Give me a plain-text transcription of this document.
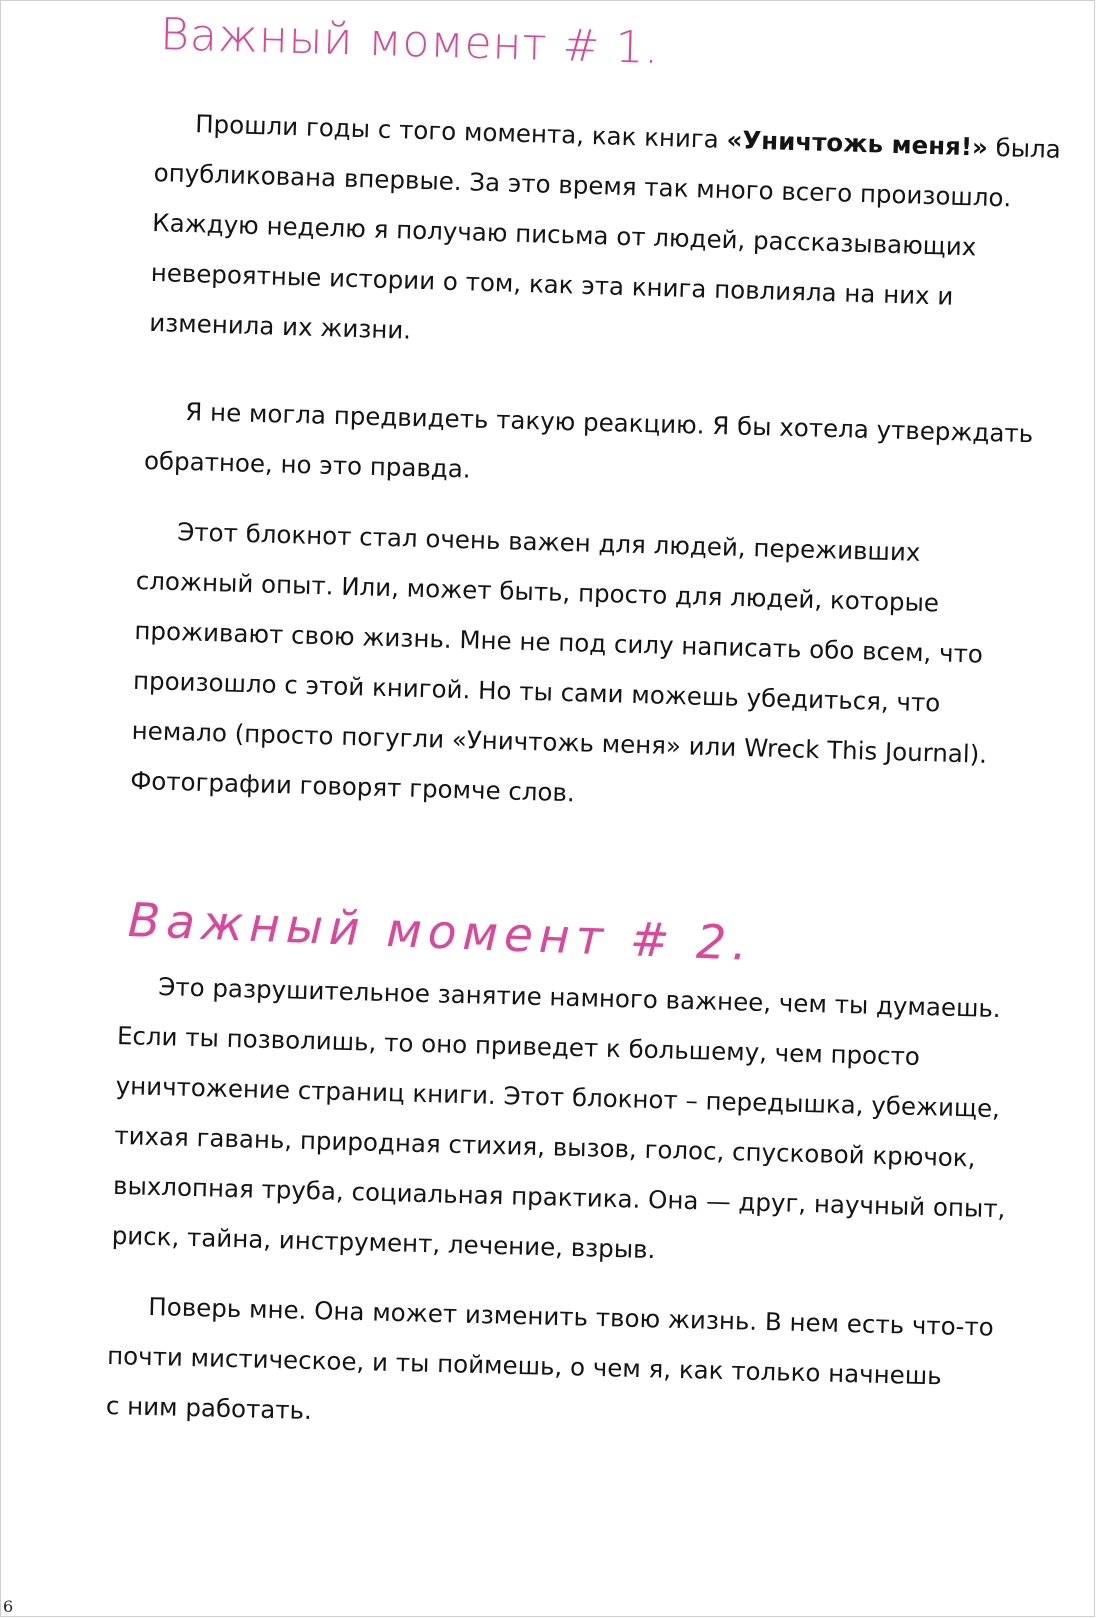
Важный момент # 1.

Прошли годы с того момента, как книга «Уничтожь меня!» была
опубликована впервые. За это время так много всего произошло.
Каждую неделю я получаю письма от людей, рассказывающих
невероятные истории о том, как эта книга повлияла на них и
изменила их жизни.

Я не могла предвидеть такую реакцию. Я бы хотела утверждать
обратное, но это правда.

Этот блокнот стал очень важен для людей, переживших
сложный опыт. Или, может быть, просто для людей, которые
проживают свою жизнь. Мне не под силу написать обо всем, что
произошло с этой книгой. Но ты сами можешь убедиться, что
немало (просто погугли «Уничтожь меня» или Wreck This Journal).
Фотографии говорят громче слов.

Важный момент # 2.

Это разрушительное занятие намного важнее, чем ты думаешь.
Если ты позволишь, то оно приведет к большему, чем просто
уничтожение страниц книги. Этот блокнот – передышка, убежище,
тихая гавань, природная стихия, вызов, голос, спусковой крючок,
выхлопная труба, социальная практика. Она — друг, научный опыт,
риск, тайна, инструмент, лечение, взрыв.

Поверь мне. Она может изменить твою жизнь. В нем есть что-то
почти мистическое, и ты поймешь, о чем я, как только начнешь
с ним работать.

6
